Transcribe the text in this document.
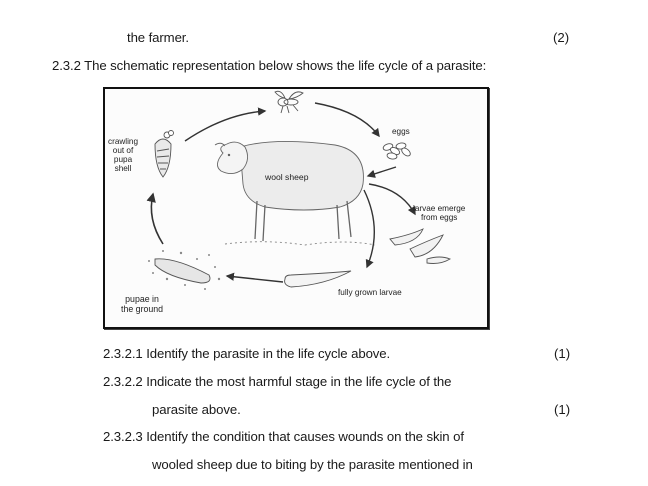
the farmer.	(2)
2.3.2 The schematic representation below shows the life cycle of a parasite:
crawling
out of
pupa
shell
eggs
wool sheep
larvae emerge
from eggs
fully grown larvae
pupae in
the ground
2.3.2.1 Identify the parasite in the life cycle above.	(1)
2.3.2.2 Indicate the most harmful stage in the life cycle of the
parasite above.	(1)
2.3.2.3 Identify the condition that causes wounds on the skin of
wooled sheep due to biting by the parasite mentioned in
